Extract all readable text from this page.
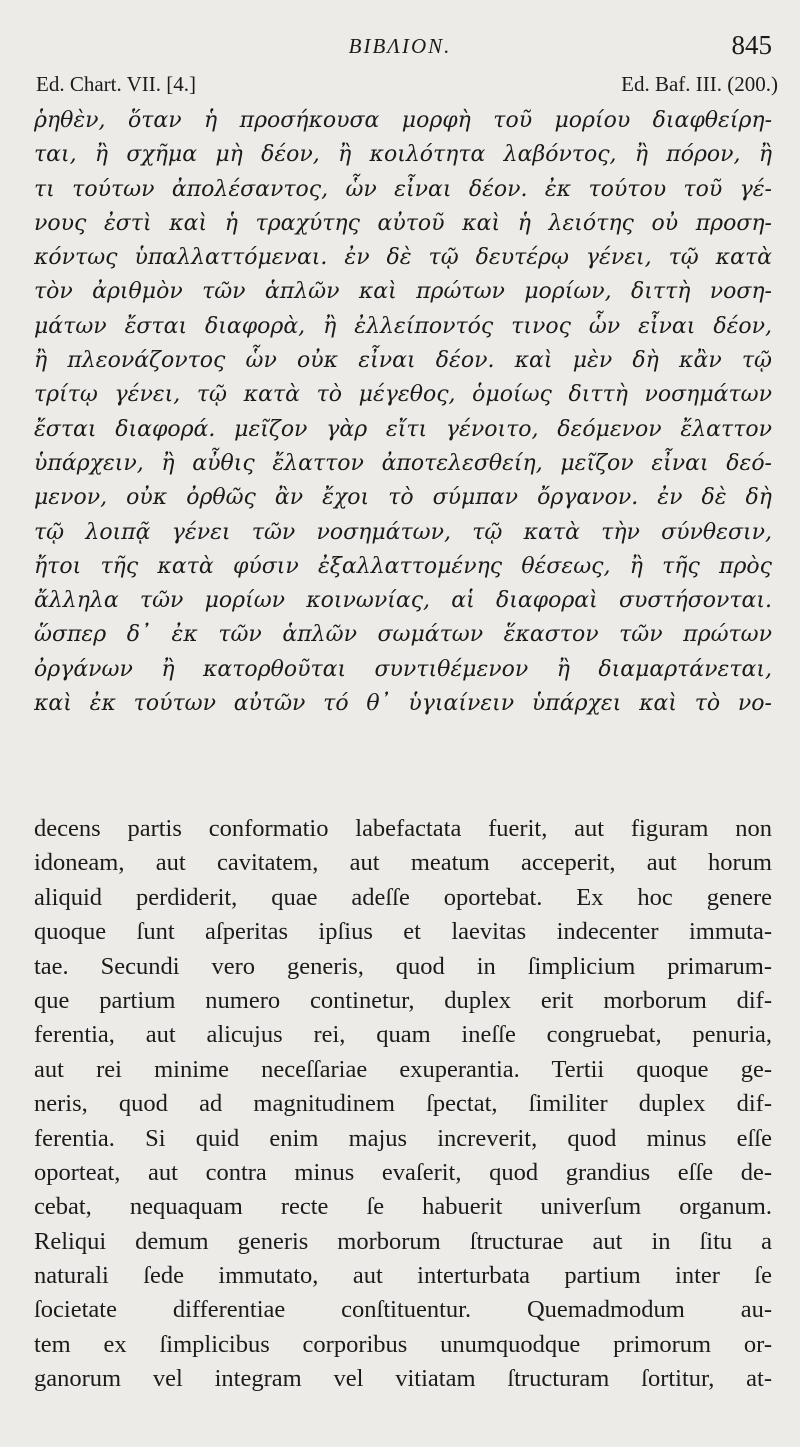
BIBΛION.	845
Ed. Chart. VII. [4.]	Ed. Baf. III. (200.)
ῥηθὲν, ὅταν ἡ προσήκουσα μορφὴ τοῦ μορίου διαφθείρη-
ται, ἢ σχῆμα μὴ δέον, ἢ κοιλότητα λαβόντος, ἢ πόρον, ἢ
τι τούτων ἀπολέσαντος, ὧν εἶναι δέον. ἐκ τούτου τοῦ γέ-
νους ἐστὶ καὶ ἡ τραχύτης αὐτοῦ καὶ ἡ λειότης οὐ προση-
κόντως ὑπαλλαττόμεναι. ἐν δὲ τῷ δευτέρῳ γένει, τῷ κατὰ
τὸν ἀριθμὸν τῶν ἁπλῶν καὶ πρώτων μορίων, διττὴ νοση-
μάτων ἔσται διαφορὰ, ἢ ἐλλείποντός τινος ὧν εἶναι δέον,
ἢ πλεονάζοντος ὧν οὐκ εἶναι δέον. καὶ μὲν δὴ κἂν τῷ
τρίτῳ γένει, τῷ κατὰ τὸ μέγεθος, ὁμοίως διττὴ νοσημάτων
ἔσται διαφορά. μεῖζον γὰρ εἴτι γένοιτο, δεόμενον ἔλαττον
ὑπάρχειν, ἢ αὖθις ἔλαττον ἀποτελεσθείη, μεῖζον εἶναι δεό-
μενον, οὐκ ὀρθῶς ἂν ἔχοι τὸ σύμπαν ὄργανον. ἐν δὲ δὴ
τῷ λοιπᾷ γένει τῶν νοσημάτων, τῷ κατὰ τὴν σύνθεσιν,
ἤτοι τῆς κατὰ φύσιν ἐξαλλαττομένης θέσεως, ἢ τῆς πρὸς
ἄλληλα τῶν μορίων κοινωνίας, αἱ διαφοραὶ συστήσονται.
ὥσπερ δ᾽ ἐκ τῶν ἁπλῶν σωμάτων ἕκαστον τῶν πρώτων
ὀργάνων ἢ κατορθοῦται συντιθέμενον ἢ διαμαρτάνεται,
καὶ ἐκ τούτων αὐτῶν τό θ᾽ ὑγιαίνειν ὑπάρχει καὶ τὸ νο-
decens partis conformatio labefactata fuerit, aut figuram non
idoneam, aut cavitatem, aut meatum acceperit, aut horum
aliquid perdiderit, quae adeſſe oportebat. Ex hoc genere
quoque ſunt aſperitas ipſius et laevitas indecenter immuta-
tae. Secundi vero generis, quod in ſimplicium primarum-
que partium numero continetur, duplex erit morborum dif-
ferentia, aut alicujus rei, quam ineſſe congruebat, penuria,
aut rei minime neceſſariae exuperantia. Tertii quoque ge-
neris, quod ad magnitudinem ſpectat, ſimiliter duplex dif-
ferentia. Si quid enim majus increverit, quod minus eſſe
oporteat, aut contra minus evaſerit, quod grandius eſſe de-
cebat, nequaquam recte ſe habuerit univerſum organum.
Reliqui demum generis morborum ſtructurae aut in ſitu a
naturali ſede immutato, aut interturbata partium inter ſe
ſocietate differentiae conſtituentur. Quemadmodum au-
tem ex ſimplicibus corporibus unumquodque primorum or-
ganorum vel integram vel vitiatam ſtructuram ſortitur, at-
